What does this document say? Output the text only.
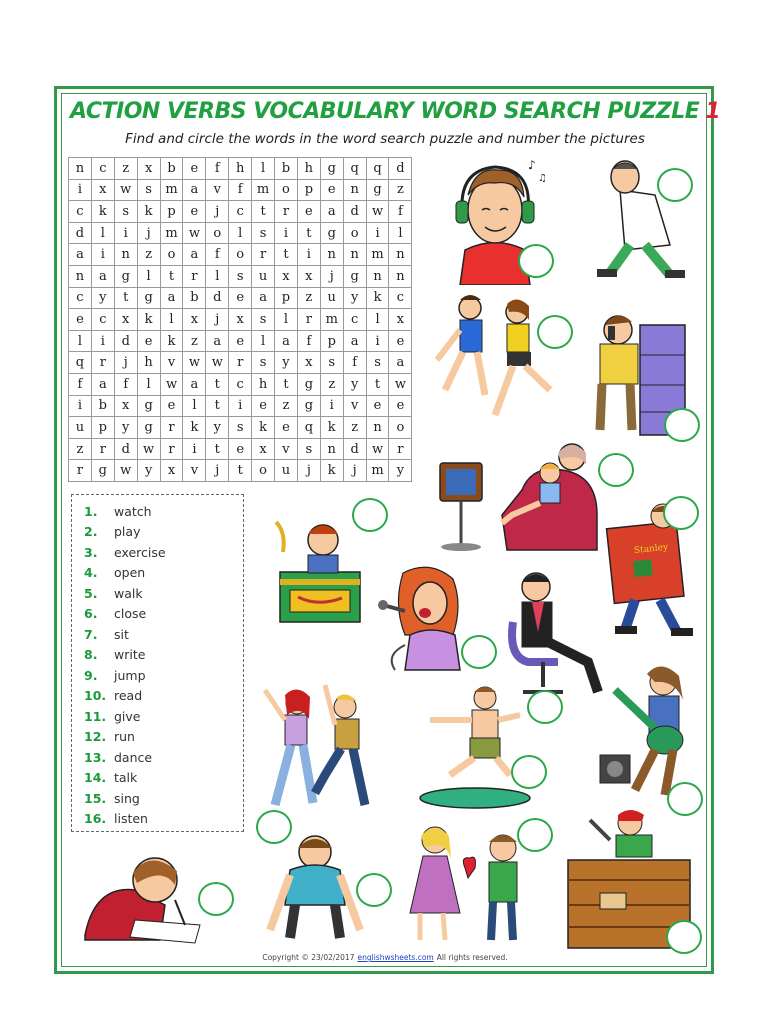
ACTION VERBS VOCABULARY WORD SEARCH PUZZLE 1
Find and circle the words in the word search puzzle and number the pictures
n	c	z	x	b	e	f	h	l	b	h	g	q	q	d
i	x	w	s	m	a	v	f	m	o	p	e	n	g	z
c	k	s	k	p	e	j	c	t	r	e	a	d	w	f
d	l	i	j	m	w	o	l	s	i	t	g	o	i	l
a	i	n	z	o	a	f	o	r	t	i	n	n	m	n
n	a	g	l	t	r	l	s	u	x	x	j	g	n	n
c	y	t	g	a	b	d	e	a	p	z	u	y	k	c
e	c	x	k	l	x	j	x	s	l	r	m	c	l	x
l	i	d	e	k	z	a	e	l	a	f	p	a	i	e
q	r	j	h	v	w	w	r	s	y	x	s	f	s	a
f	a	f	l	w	a	t	c	h	t	g	z	y	t	w
i	b	x	g	e	l	t	i	e	z	g	i	v	e	e
u	p	y	g	r	k	y	s	k	e	q	k	z	n	o
z	r	d	w	r	i	t	e	x	v	s	n	d	w	r
r	g	w	y	x	v	j	t	o	u	j	k	j	m	y
1.	watch
2.	play
3.	exercise
4.	open
5.	walk
6.	close
7.	sit
8.	write
9.	jump
10. read
11. give
12. run
13. dance
14. talk
15. sing
16. listen
♪
♫
Stanley
Copyright © 23/02/2017 englishwsheets.com All rights reserved.
